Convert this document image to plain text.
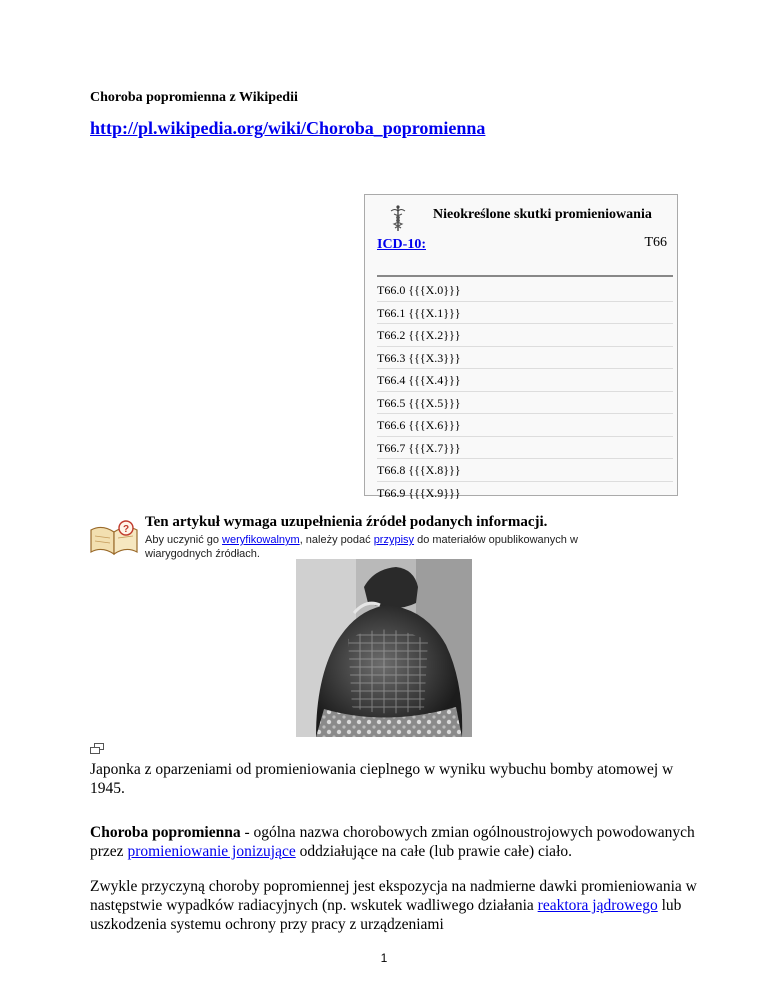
Choroba popromienna z Wikipedii
http://pl.wikipedia.org/wiki/Choroba_popromienna
Nieokreślone skutki promieniowania
ICD-10:	T66
T66.0 {{{X.0}}}
T66.1 {{{X.1}}}
T66.2 {{{X.2}}}
T66.3 {{{X.3}}}
T66.4 {{{X.4}}}
T66.5 {{{X.5}}}
T66.6 {{{X.6}}}
T66.7 {{{X.7}}}
T66.8 {{{X.8}}}
T66.9 {{{X.9}}}
? Ten artykuł wymaga uzupełnienia źródeł podanych informacji.
Aby uczynić go weryfikowalnym, należy podać przypisy do materiałów opublikowanych w wiarygodnych źródłach.
Japonka z oparzeniami od promieniowania cieplnego w wyniku wybuchu bomby atomowej w 1945.
Choroba popromienna - ogólna nazwa chorobowych zmian ogólnoustrojowych powodowanych przez promieniowanie jonizujące oddziałujące na całe (lub prawie całe) ciało.
Zwykle przyczyną choroby popromiennej jest ekspozycja na nadmierne dawki promieniowania w następstwie wypadków radiacyjnych (np. wskutek wadliwego działania reaktora jądrowego lub uszkodzenia systemu ochrony przy pracy z urządzeniami
1
